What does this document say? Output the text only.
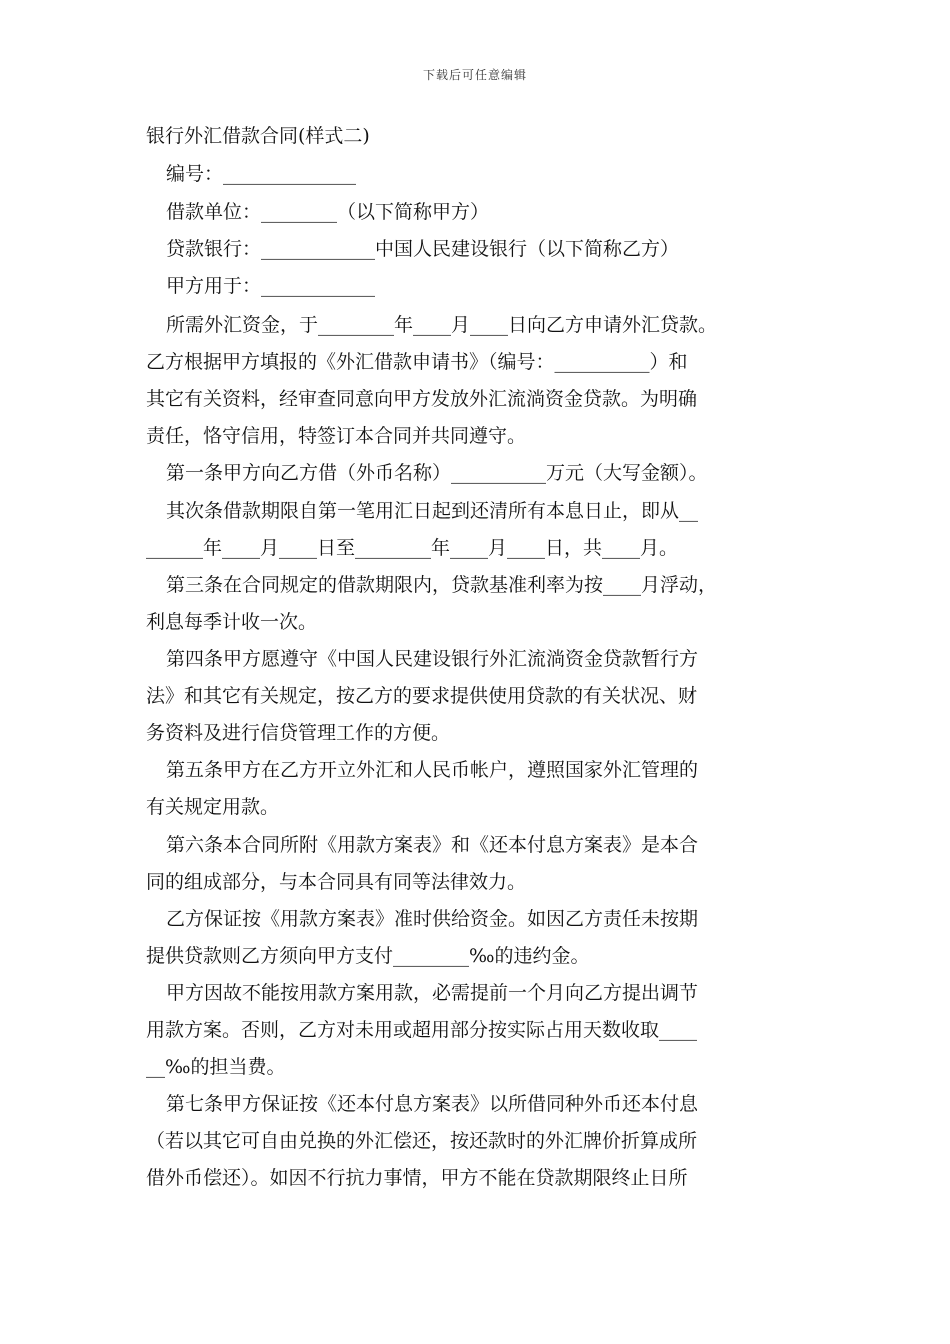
下载后可任意编辑
银行外汇借款合同(样式二)
编号：______________
借款单位：________（以下简称甲方）
贷款银行：____________中国人民建设银行（以下简称乙方）
甲方用于：____________
所需外汇资金，于________年____月____日向乙方申请外汇贷款。
乙方根据甲方填报的《外汇借款申请书》（编号：__________）和
其它有关资料，经审查同意向甲方发放外汇流淌资金贷款。为明确
责任，恪守信用，特签订本合同并共同遵守。
第一条甲方向乙方借（外币名称）__________万元（大写金额）。
其次条借款期限自第一笔用汇日起到还清所有本息日止，即从__
______年____月____日至________年____月____日，共____月。
第三条在合同规定的借款期限内，贷款基准利率为按____月浮动，
利息每季计收一次。
第四条甲方愿遵守《中国人民建设银行外汇流淌资金贷款暂行方
法》和其它有关规定，按乙方的要求提供使用贷款的有关状况、财
务资料及进行信贷管理工作的方便。
第五条甲方在乙方开立外汇和人民币帐户，遵照国家外汇管理的
有关规定用款。
第六条本合同所附《用款方案表》和《还本付息方案表》是本合
同的组成部分，与本合同具有同等法律效力。
乙方保证按《用款方案表》准时供给资金。如因乙方责任未按期
提供贷款则乙方须向甲方支付________‰的违约金。
甲方因故不能按用款方案用款，必需提前一个月向乙方提出调节
用款方案。否则，乙方对未用或超用部分按实际占用天数收取____
__‰的担当费。
第七条甲方保证按《还本付息方案表》以所借同种外币还本付息
（若以其它可自由兑换的外汇偿还，按还款时的外汇牌价折算成所
借外币偿还）。如因不行抗力事情，甲方不能在贷款期限终止日所
